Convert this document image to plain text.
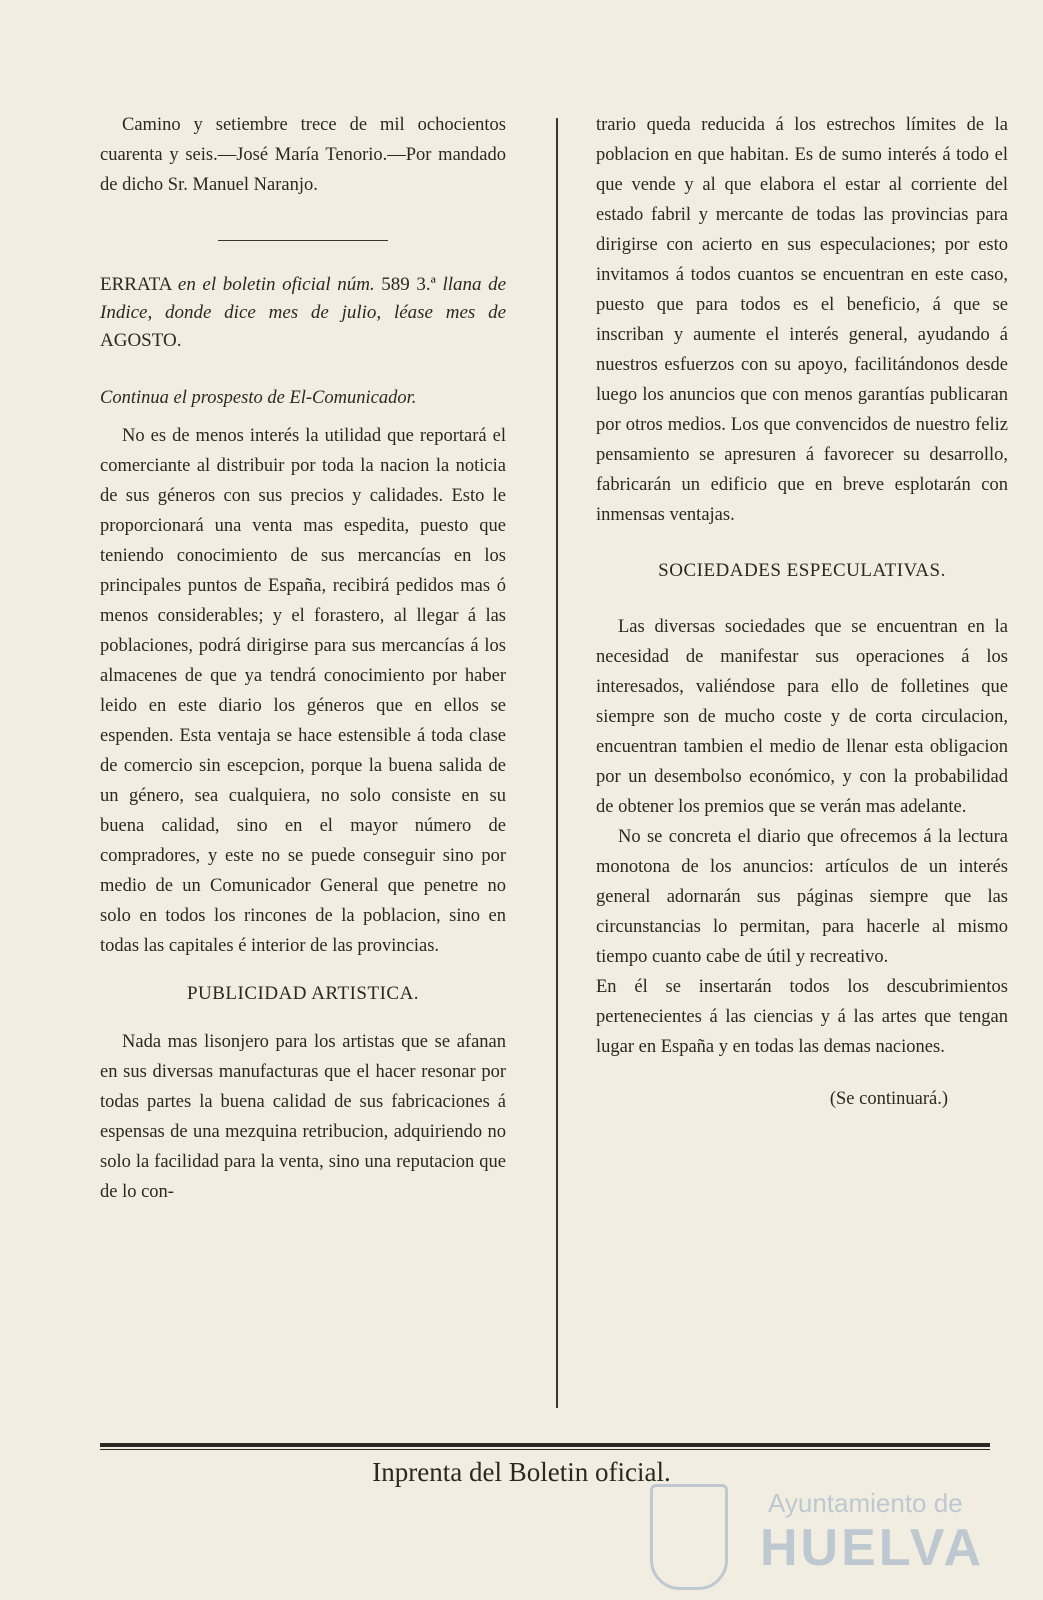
Camino y setiembre trece de mil ochocientos cuarenta y seis.—José María Tenorio.—Por mandado de dicho Sr. Manuel Naranjo.

ERRATA en el boletin oficial núm. 589 3.ª llana de Indice, donde dice mes de julio, léase mes de AGOSTO.

Continua el prospesto de El-Comunicador.

No es de menos interés la utilidad que reportará el comerciante al distribuir por toda la nacion la noticia de sus géneros con sus precios y calidades. Esto le proporcionará una venta mas espedita, puesto que teniendo conocimiento de sus mercancías en los principales puntos de España, recibirá pedidos mas ó menos considerables; y el forastero, al llegar á las poblaciones, podrá dirigirse para sus mercancías á los almacenes de que ya tendrá conocimiento por haber leido en este diario los géneros que en ellos se espenden. Esta ventaja se hace estensible á toda clase de comercio sin escepcion, porque la buena salida de un género, sea cualquiera, no solo consiste en su buena calidad, sino en el mayor número de compradores, y este no se puede conseguir sino por medio de un Comunicador General que penetre no solo en todos los rincones de la poblacion, sino en todas las capitales é interior de las provincias.

PUBLICIDAD ARTISTICA.

Nada mas lisonjero para los artistas que se afanan en sus diversas manufacturas que el hacer resonar por todas partes la buena calidad de sus fabricaciones á espensas de una mezquina retribucion, adquiriendo no solo la facilidad para la venta, sino una reputacion que de lo con-

trario queda reducida á los estrechos límites de la poblacion en que habitan. Es de sumo interés á todo el que vende y al que elabora el estar al corriente del estado fabril y mercante de todas las provincias para dirigirse con acierto en sus especulaciones; por esto invitamos á todos cuantos se encuentran en este caso, puesto que para todos es el beneficio, á que se inscriban y aumente el interés general, ayudando á nuestros esfuerzos con su apoyo, facilitándonos desde luego los anuncios que con menos garantías publicaran por otros medios. Los que convencidos de nuestro feliz pensamiento se apresuren á favorecer su desarrollo, fabricarán un edificio que en breve esplotarán con inmensas ventajas.

SOCIEDADES ESPECULATIVAS.

Las diversas sociedades que se encuentran en la necesidad de manifestar sus operaciones á los interesados, valiéndose para ello de folletines que siempre son de mucho coste y de corta circulacion, encuentran tambien el medio de llenar esta obligacion por un desembolso económico, y con la probabilidad de obtener los premios que se verán mas adelante.

No se concreta el diario que ofrecemos á la lectura monotona de los anuncios: artículos de un interés general adornarán sus páginas siempre que las circunstancias lo permitan, para hacerle al mismo tiempo cuanto cabe de útil y recreativo.

En él se insertarán todos los descubrimientos pertenecientes á las ciencias y á las artes que tengan lugar en España y en todas las demas naciones.

(Se continuará.)

Inprenta del Boletin oficial.
Ayuntamiento de
HUELVA
